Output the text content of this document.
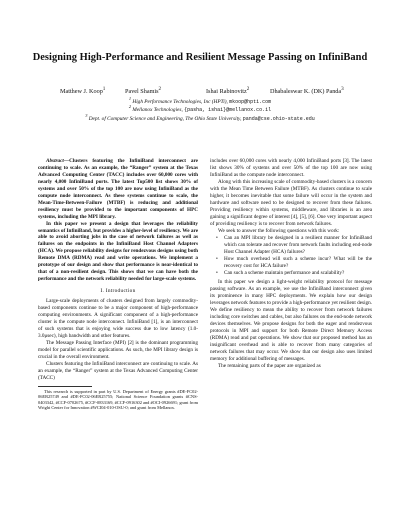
Designing High-Performance and Resilient Message Passing on InfiniBand
Matthew J. Koop$^1$	Pavel Shamis$^2$	Ishai Rabinovitz$^2$	Dhabaleswar K. (DK) Panda$^3$
$^1$ High Performance Technologies, Inc (HPTi), mkoop@hpti.com
$^2$ Mellanox Technologies, {pasha, ishai}@mellanox.co.il
$^3$ Dept. of Computer Science and Engineering, The Ohio State University, panda@cse.ohio-state.edu

Abstract—Clusters featuring the InfiniBand interconnect are continuing to scale. As an example, the “Ranger” system at the Texas Advanced Computing Center (TACC) includes over 60,000 cores with nearly 4,000 InfiniBand ports. The latest Top500 list shows 30% of systems and over 50% of the top 100 are now using InfiniBand as the compute node interconnect. As these systems continue to scale, the Mean-Time-Between-Failure (MTBF) is reducing and additional resiliency must be provided to the important components of HPC systems, including the MPI library.

In this paper we present a design that leverages the reliability semantics of InfiniBand, but provides a higher-level of resiliency. We are able to avoid aborting jobs in the case of network failures as well as failures on the endpoints in the InfiniBand Host Channel Adapters (HCA). We propose reliability designs for rendezvous designs using both Remote DMA (RDMA) read and write operations. We implement a prototype of our design and show that performance is near-identical to that of a non-resilient design. This shows that we can have both the performance and the network reliability needed for large-scale systems.

I. Introduction

Large-scale deployments of clusters designed from largely commodity-based components continue to be a major component of high-performance computing environments. A significant component of a high-performance cluster is the compute node interconnect. InfiniBand [1], is an interconnect of such systems that is enjoying wide success due to low latency (1.0-3.0μsec), high bandwidth and other features.

The Message Passing Interface (MPI) [2] is the dominant programming model for parallel scientific applications. As such, the MPI library design is crucial in the overall environment.

Clusters featuring the InfiniBand interconnect are continuing to scale. As an example, the “Ranger” system at the Texas Advanced Computing Center (TACC)

This research is supported in part by U.S. Department of Energy grants #DE-FC02-06ER25749 and #DE-FC02-06ER25755; National Science Foundation grants #CNS-0403342, #CCF-0702675, #CCF-0833169, #CCF-0916302 and #OCI-0926691; grant from Wright Center for Innovation #WCI04-010-OSU-0; and grant from Mellanox.

includes over 60,000 cores with nearly 4,000 InfiniBand ports [3]. The latest list shows 30% of systems and over 50% of the top 100 are now using InfiniBand as the compute node interconnect.

Along with this increasing scale of commodity-based clusters is a concern with the Mean Time Between Failure (MTBF). As clusters continue to scale higher, it becomes inevitable that some failure will occur in the system and hardware and software need to be designed to recover from these failures. Providing resiliency within systems, middleware, and libraries is an area gaining a significant degree of interest [4], [5], [6]. One very important aspect of providing resiliency is to recover from network failures.

We seek to answer the following questions with this work:

• Can an MPI library be designed in a resilient manner for InfiniBand which can tolerate and recover from network faults including end-node Host Channel Adapter (HCA) failures?
• How much overhead will such a scheme incur? What will be the recovery cost for HCA failure?
• Can such a scheme maintain performance and scalability?

In this paper we design a light-weight reliability protocol for message passing software. As an example, we use the InfiniBand interconnect given its prominence in many HPC deployments. We explain how our design leverages network features to provide a high-performance yet resilient design. We define resiliency to mean the ability to recover from network failures including core switches and cables, but also failures on the end-node network devices themselves. We propose designs for both the eager and rendezvous protocols in MPI and support for both Remote Direct Memory Access (RDMA) read and put operations. We show that our proposed method has an insignificant overhead and is able to recover from many categories of network failures that may occur. We show that our design also uses limited memory for additional buffering of messages.

The remaining parts of the paper are organized as
